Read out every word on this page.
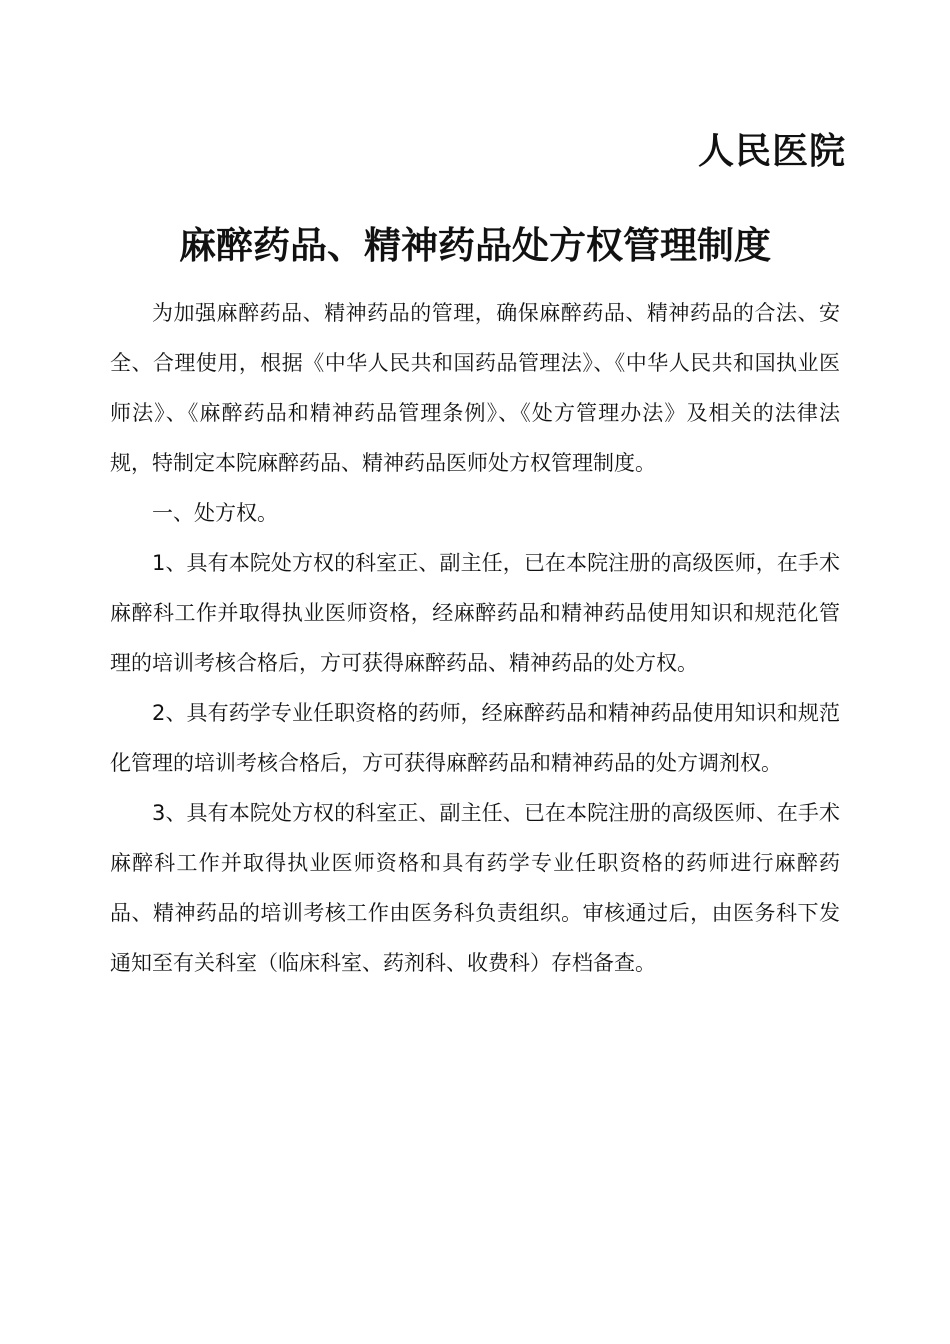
人民医院
麻醉药品、精神药品处方权管理制度

为加强麻醉药品、精神药品的管理，确保麻醉药品、精神药品的合法、安全、合理使用，根据《中华人民共和国药品管理法》、《中华人民共和国执业医师法》、《麻醉药品和精神药品管理条例》、《处方管理办法》及相关的法律法规，特制定本院麻醉药品、精神药品医师处方权管理制度。

一、处方权。

1、具有本院处方权的科室正、副主任，已在本院注册的高级医师，在手术麻醉科工作并取得执业医师资格，经麻醉药品和精神药品使用知识和规范化管理的培训考核合格后，方可获得麻醉药品、精神药品的处方权。

2、具有药学专业任职资格的药师，经麻醉药品和精神药品使用知识和规范化管理的培训考核合格后，方可获得麻醉药品和精神药品的处方调剂权。

3、具有本院处方权的科室正、副主任、已在本院注册的高级医师、在手术麻醉科工作并取得执业医师资格和具有药学专业任职资格的药师进行麻醉药品、精神药品的培训考核工作由医务科负责组织。审核通过后，由医务科下发通知至有关科室（临床科室、药剂科、收费科）存档备查。
